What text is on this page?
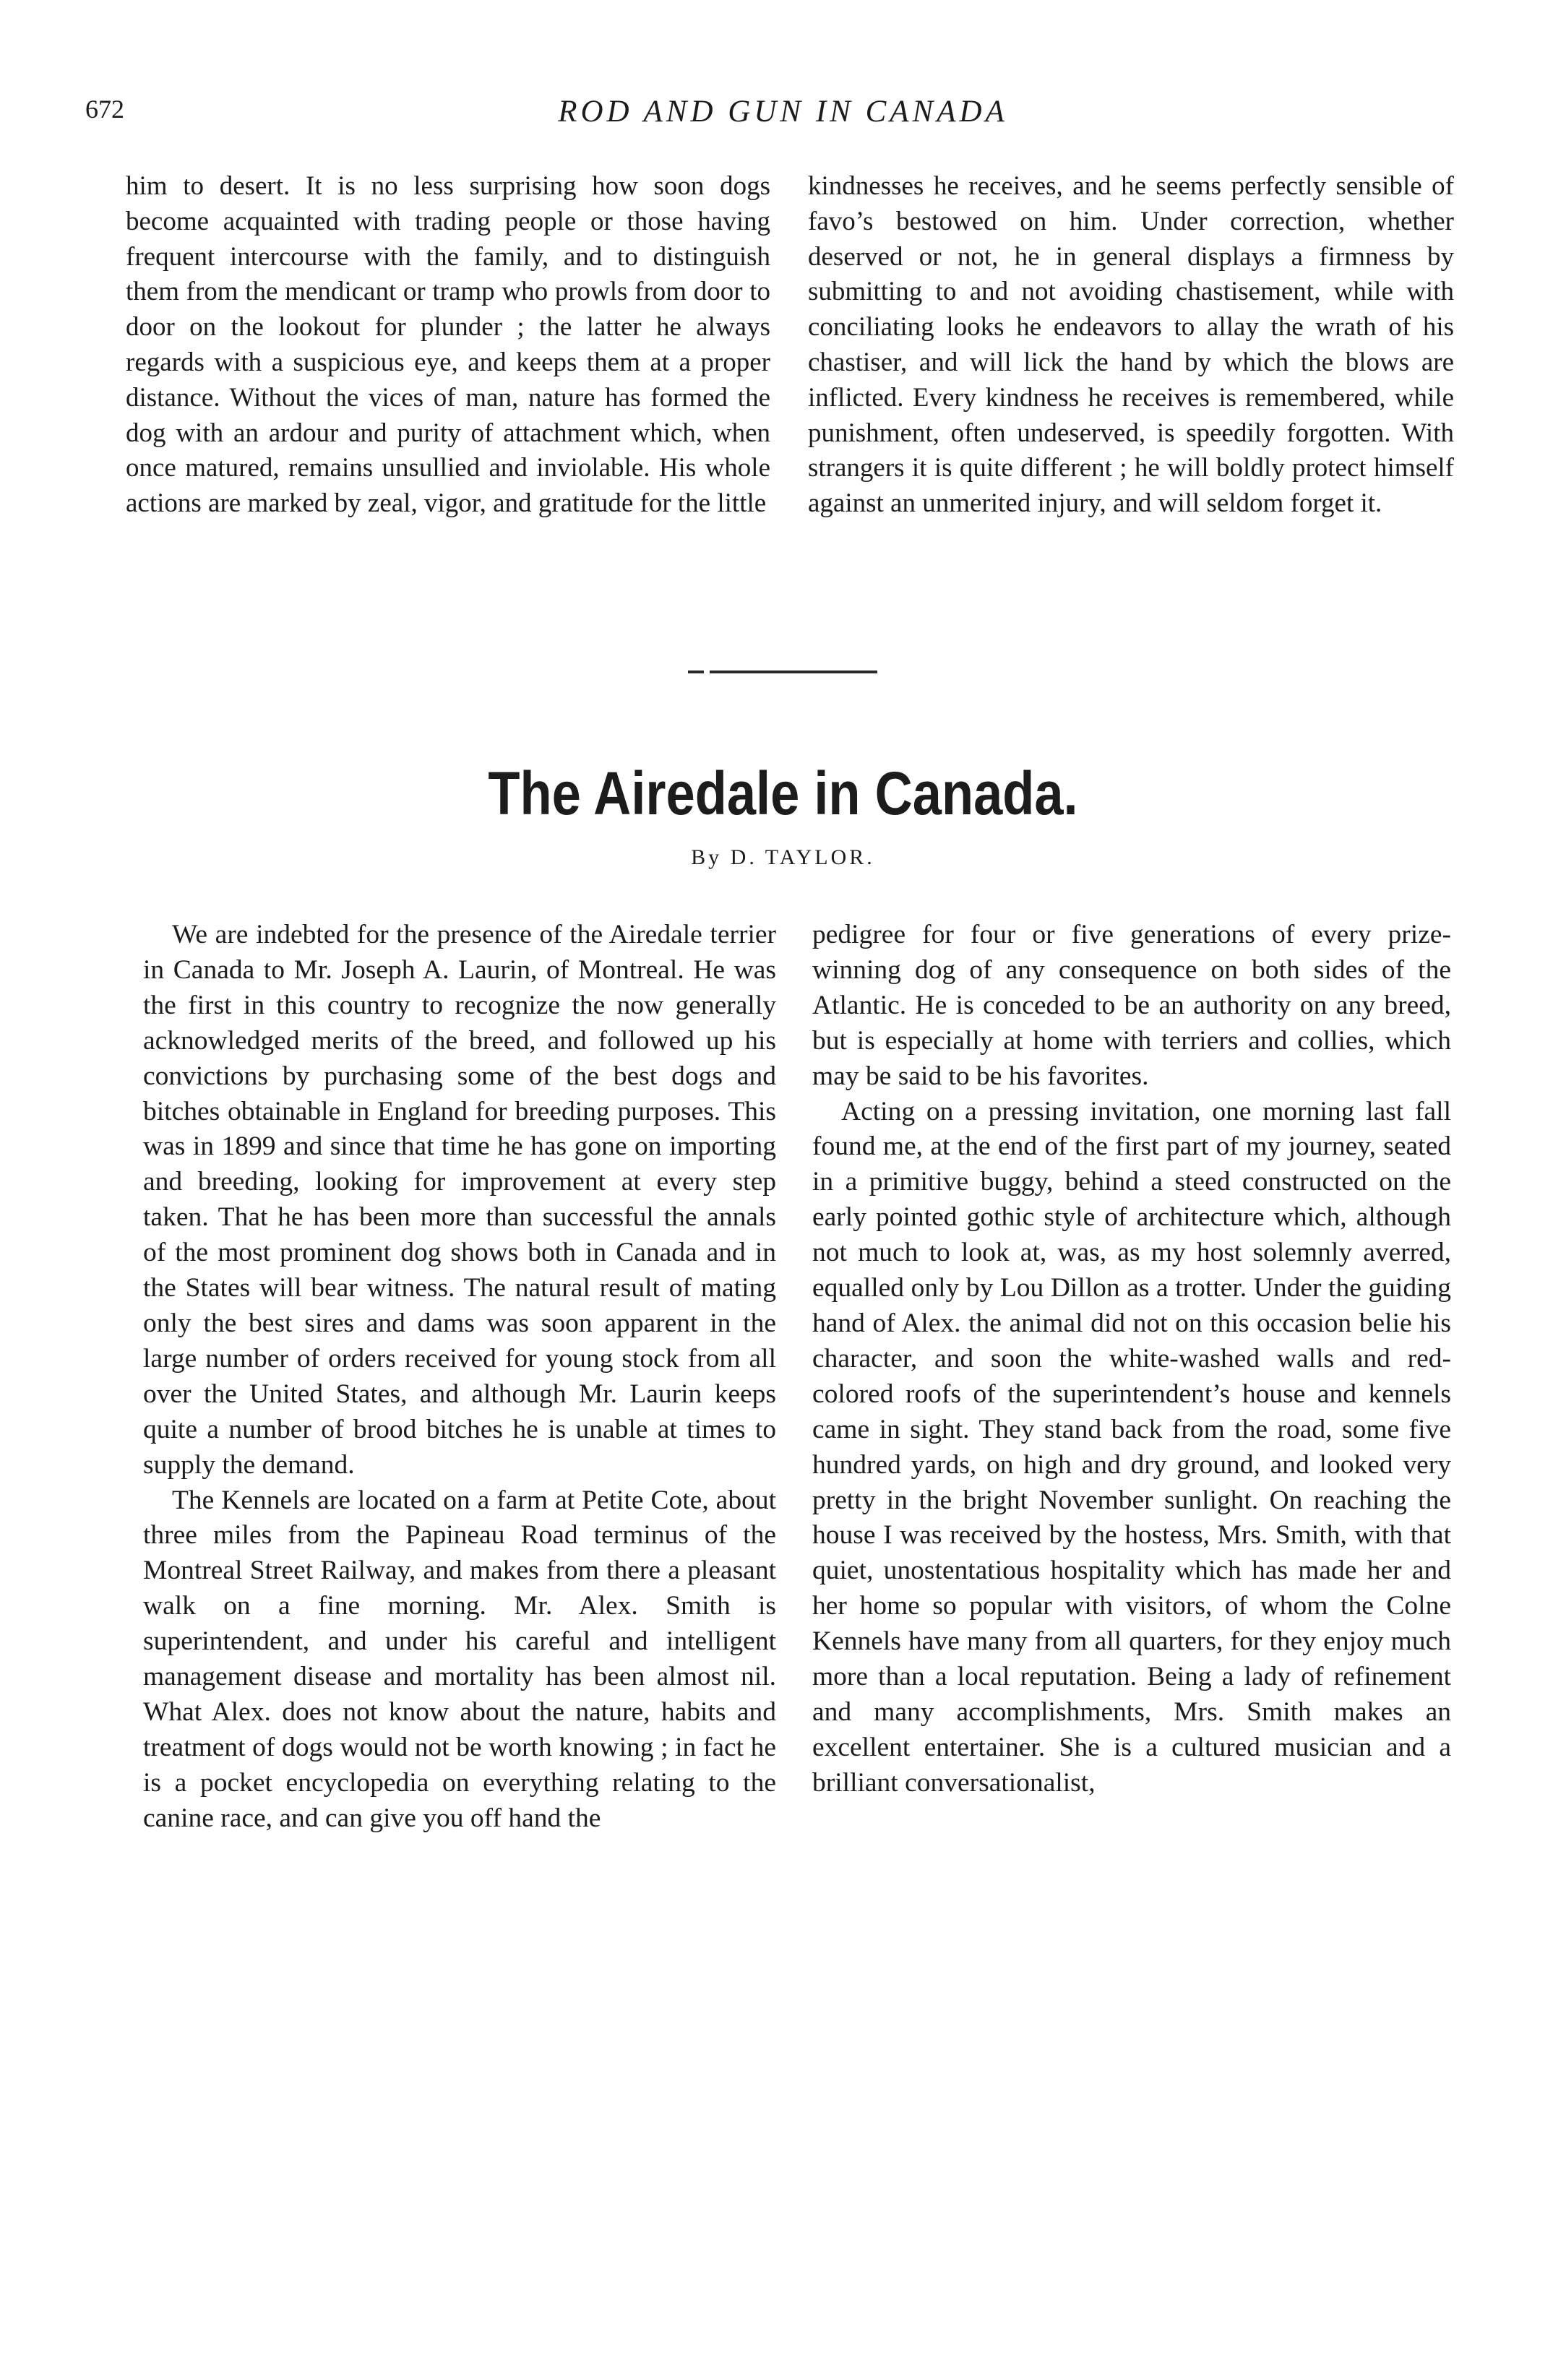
672	ROD AND GUN IN CANADA

him to desert. It is no less surprising how soon dogs become acquainted with trading people or those having frequent intercourse with the family, and to distinguish them from the mendicant or tramp who prowls from door to door on the lookout for plunder ; the latter he always regards with a suspicious eye, and keeps them at a proper distance. Without the vices of man, nature has formed the dog with an ardour and purity of attachment which, when once matured, remains unsullied and inviolable. His whole actions are marked by zeal, vigor, and gratitude for the little

kindnesses he receives, and he seems perfectly sensible of favo’s bestowed on him. Under correction, whether deserved or not, he in general displays a firmness by submitting to and not avoiding chastisement, while with conciliating looks he endeavors to allay the wrath of his chastiser, and will lick the hand by which the blows are inflicted. Every kindness he receives is remembered, while punishment, often undeserved, is speedily forgotten. With strangers it is quite different ; he will boldly protect himself against an unmerited injury, and will seldom forget it.

The Airedale in Canada.
By D. TAYLOR.

We are indebted for the presence of the Airedale terrier in Canada to Mr. Joseph A. Laurin, of Montreal. He was the first in this country to recognize the now generally acknowledged merits of the breed, and followed up his convictions by purchasing some of the best dogs and bitches obtainable in England for breeding purposes. This was in 1899 and since that time he has gone on importing and breeding, looking for improvement at every step taken. That he has been more than successful the annals of the most prominent dog shows both in Canada and in the States will bear witness. The natural result of mating only the best sires and dams was soon apparent in the large number of orders received for young stock from all over the United States, and although Mr. Laurin keeps quite a number of brood bitches he is unable at times to supply the demand.

The Kennels are located on a farm at Petite Cote, about three miles from the Papineau Road terminus of the Montreal Street Railway, and makes from there a pleasant walk on a fine morning. Mr. Alex. Smith is superintendent, and under his careful and intelligent management disease and mortality has been almost nil. What Alex. does not know about the nature, habits and treatment of dogs would not be worth knowing ; in fact he is a pocket encyclopedia on everything relating to the canine race, and can give you off hand the

pedigree for four or five generations of every prize-winning dog of any consequence on both sides of the Atlantic. He is conceded to be an authority on any breed, but is especially at home with terriers and collies, which may be said to be his favorites.

Acting on a pressing invitation, one morning last fall found me, at the end of the first part of my journey, seated in a primitive buggy, behind a steed constructed on the early pointed gothic style of architecture which, although not much to look at, was, as my host solemnly averred, equalled only by Lou Dillon as a trotter. Under the guiding hand of Alex. the animal did not on this occasion belie his character, and soon the white-washed walls and red-colored roofs of the superintendent’s house and kennels came in sight. They stand back from the road, some five hundred yards, on high and dry ground, and looked very pretty in the bright November sunlight. On reaching the house I was received by the hostess, Mrs. Smith, with that quiet, unostentatious hospitality which has made her and her home so popular with visitors, of whom the Colne Kennels have many from all quarters, for they enjoy much more than a local reputation. Being a lady of refinement and many accomplishments, Mrs. Smith makes an excellent entertainer. She is a cultured musician and a brilliant conversationalist,
